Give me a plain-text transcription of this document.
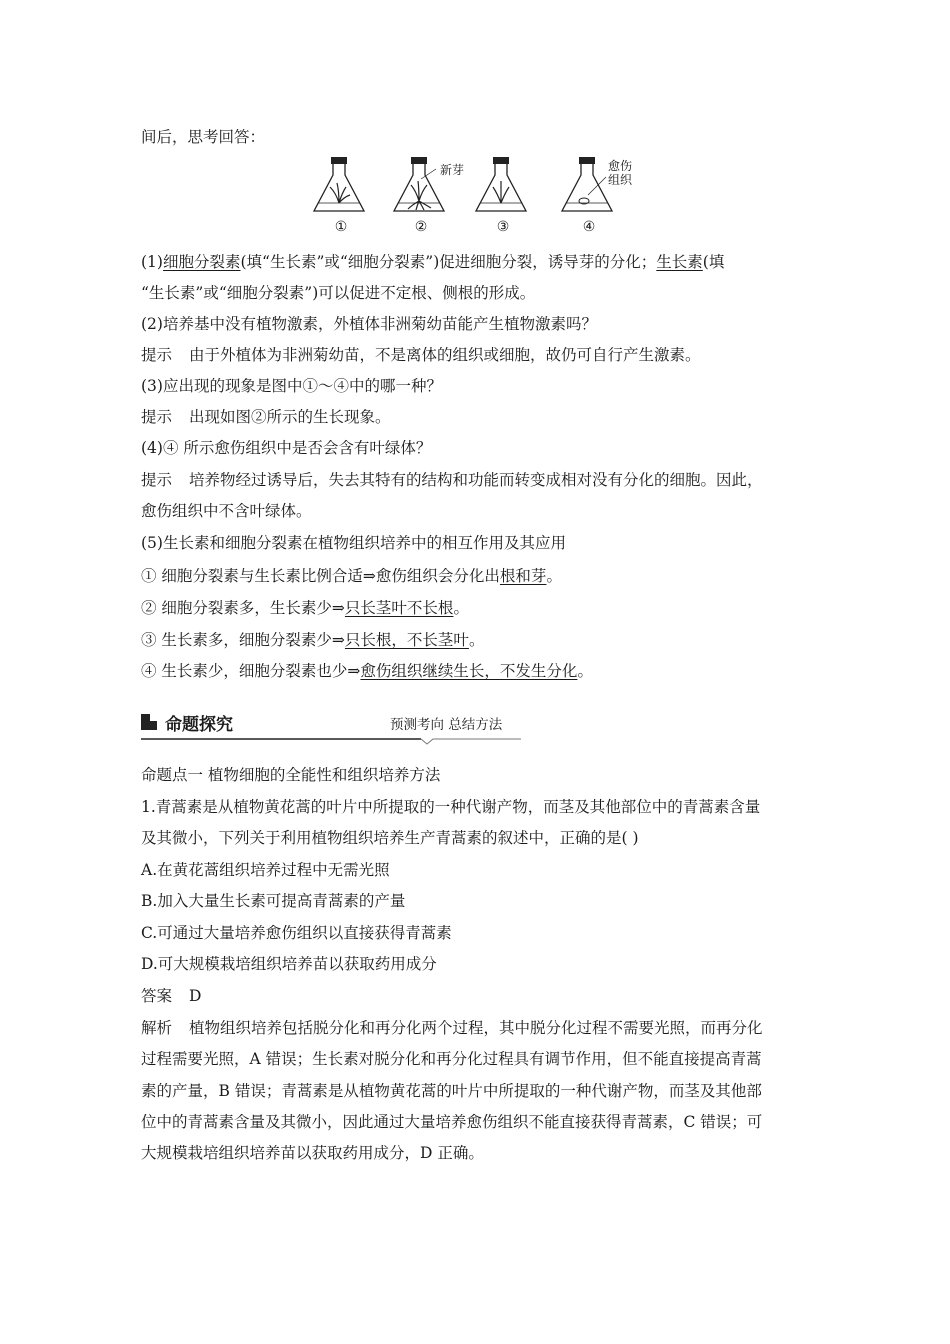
间后，思考回答：
①	②
新芽
③	④
愈伤
组织
(1)细胞分裂素(填“生长素”或“细胞分裂素”)促进细胞分裂，诱导芽的分化；生长素(填
“生长素”或“细胞分裂素”)可以促进不定根、侧根的形成。
(2)培养基中没有植物激素，外植体非洲菊幼苗能产生植物激素吗？
提示 由于外植体为非洲菊幼苗，不是离体的组织或细胞，故仍可自行产生激素。
(3)应出现的现象是图中①～④中的哪一种？
提示 出现如图②所示的生长现象。
(4)④ 所示愈伤组织中是否会含有叶绿体？
提示 培养物经过诱导后，失去其特有的结构和功能而转变成相对没有分化的细胞。因此，
愈伤组织中不含叶绿体。
(5)生长素和细胞分裂素在植物组织培养中的相互作用及其应用
① 细胞分裂素与生长素比例合适⇒愈伤组织会分化出根和芽。
② 细胞分裂素多，生长素少⇒只长茎叶不长根。
③ 生长素多，细胞分裂素少⇒只长根，不长茎叶。
④ 生长素少，细胞分裂素也少⇒愈伤组织继续生长，不发生分化。
命题探究	预测考向 总结方法
命题点一 植物细胞的全能性和组织培养方法
1.青蒿素是从植物黄花蒿的叶片中所提取的一种代谢产物，而茎及其他部位中的青蒿素含量
及其微小，下列关于利用植物组织培养生产青蒿素的叙述中，正确的是( )
A.在黄花蒿组织培养过程中无需光照
B.加入大量生长素可提高青蒿素的产量
C.可通过大量培养愈伤组织以直接获得青蒿素
D.可大规模栽培组织培养苗以获取药用成分
答案 D
解析 植物组织培养包括脱分化和再分化两个过程，其中脱分化过程不需要光照，而再分化
过程需要光照，A 错误；生长素对脱分化和再分化过程具有调节作用，但不能直接提高青蒿
素的产量，B 错误；青蒿素是从植物黄花蒿的叶片中所提取的一种代谢产物，而茎及其他部
位中的青蒿素含量及其微小，因此通过大量培养愈伤组织不能直接获得青蒿素，C 错误；可
大规模栽培组织培养苗以获取药用成分，D 正确。
